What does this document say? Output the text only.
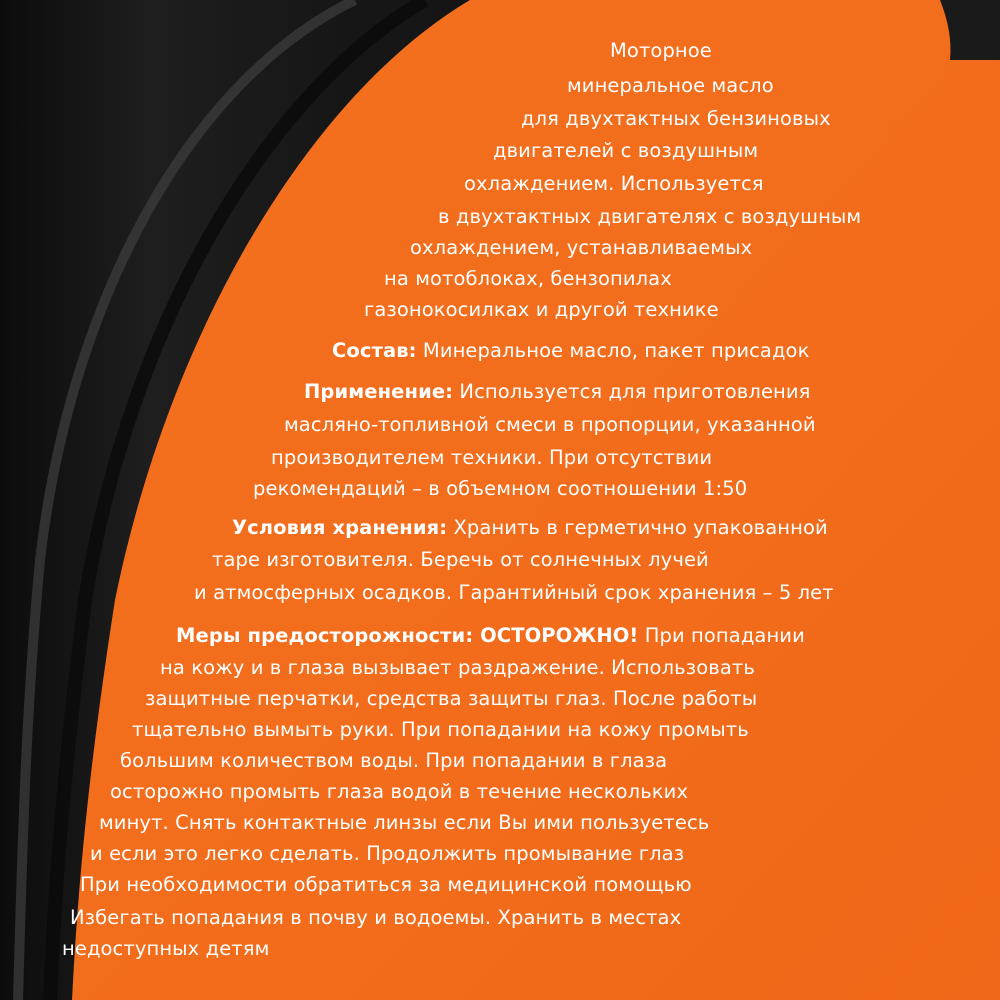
Моторное

минеральное масло

для двухтактных бензиновых

двигателей с воздушным

охлаждением. Используется

в двухтактных двигателях с воздушным

охлаждением, устанавливаемых

на мотоблоках, бензопилах

газонокосилках и другой технике

Состав: Минеральное масло, пакет присадок

Применение: Используется для приготовления

масляно-топливной смеси в пропорции, указанной

производителем техники. При отсутствии

рекомендаций – в объемном соотношении 1:50

Условия хранения: Хранить в герметично упакованной

таре изготовителя. Беречь от солнечных лучей

и атмосферных осадков. Гарантийный срок хранения – 5 лет

Меры предосторожности: ОСТОРОЖНО! При попадании

на кожу и в глаза вызывает раздражение. Использовать

защитные перчатки, средства защиты глаз. После работы

тщательно вымыть руки. При попадании на кожу промыть

большим количеством воды. При попадании в глаза

осторожно промыть глаза водой в течение нескольких

минут. Снять контактные линзы если Вы ими пользуетесь

и если это легко сделать. Продолжить промывание глаз

При необходимости обратиться за медицинской помощью

Избегать попадания в почву и водоемы. Хранить в местах

недоступных детям
